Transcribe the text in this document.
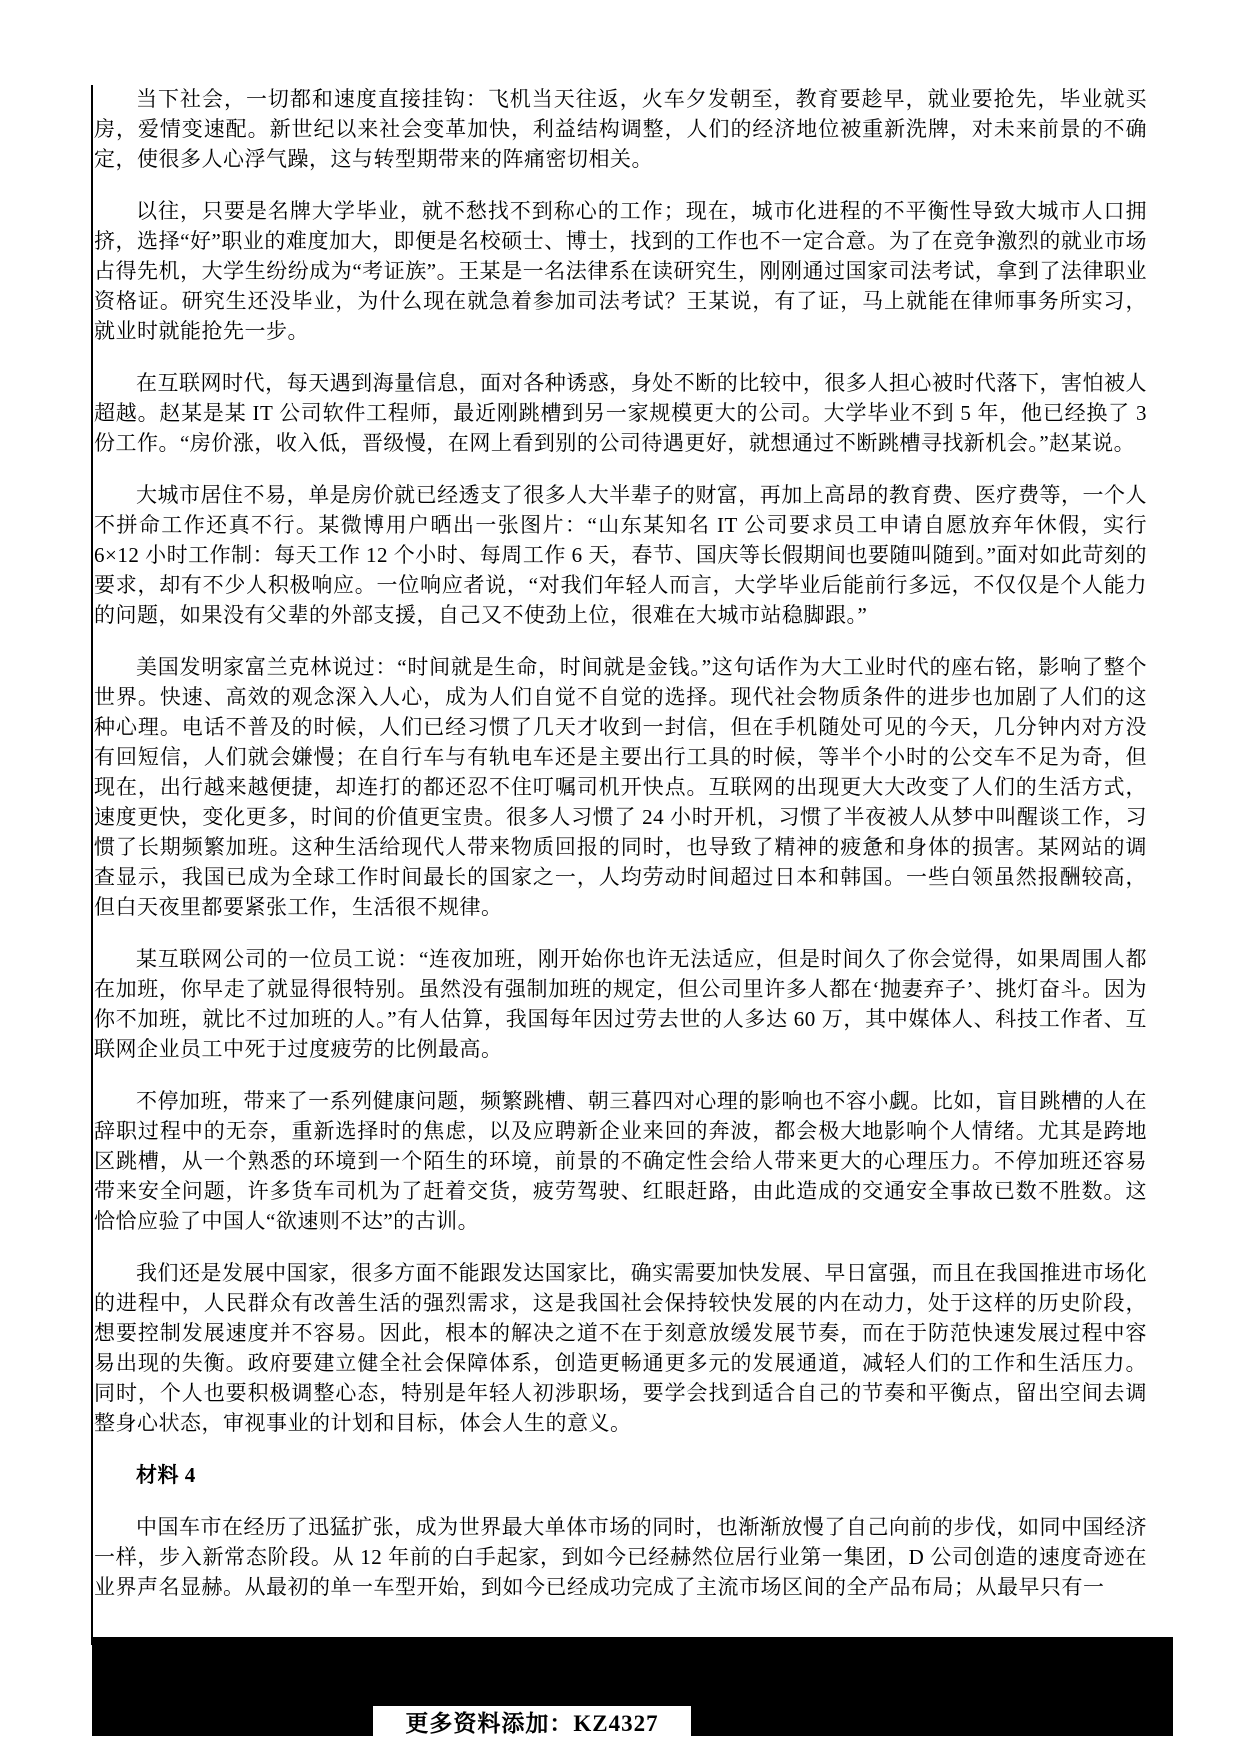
当下社会，一切都和速度直接挂钩：飞机当天往返，火车夕发朝至，教育要趁早，就业要抢先，毕业就买房，爱情变速配。新世纪以来社会变革加快，利益结构调整，人们的经济地位被重新洗牌，对未来前景的不确定，使很多人心浮气躁，这与转型期带来的阵痛密切相关。

以往，只要是名牌大学毕业，就不愁找不到称心的工作；现在，城市化进程的不平衡性导致大城市人口拥挤，选择“好”职业的难度加大，即便是名校硕士、博士，找到的工作也不一定合意。为了在竞争激烈的就业市场占得先机，大学生纷纷成为“考证族”。王某是一名法律系在读研究生，刚刚通过国家司法考试，拿到了法律职业资格证。研究生还没毕业，为什么现在就急着参加司法考试？王某说，有了证，马上就能在律师事务所实习，就业时就能抢先一步。

在互联网时代，每天遇到海量信息，面对各种诱惑，身处不断的比较中，很多人担心被时代落下，害怕被人超越。赵某是某 IT 公司软件工程师，最近刚跳槽到另一家规模更大的公司。大学毕业不到 5 年，他已经换了 3 份工作。“房价涨，收入低，晋级慢，在网上看到别的公司待遇更好，就想通过不断跳槽寻找新机会。”赵某说。

大城市居住不易，单是房价就已经透支了很多人大半辈子的财富，再加上高昂的教育费、医疗费等，一个人不拼命工作还真不行。某微博用户晒出一张图片：“山东某知名 IT 公司要求员工申请自愿放弃年休假，实行 6×12 小时工作制：每天工作 12 个小时、每周工作 6 天，春节、国庆等长假期间也要随叫随到。”面对如此苛刻的要求，却有不少人积极响应。一位响应者说，“对我们年轻人而言，大学毕业后能前行多远，不仅仅是个人能力的问题，如果没有父辈的外部支援，自己又不使劲上位，很难在大城市站稳脚跟。”

美国发明家富兰克林说过：“时间就是生命，时间就是金钱。”这句话作为大工业时代的座右铭，影响了整个世界。快速、高效的观念深入人心，成为人们自觉不自觉的选择。现代社会物质条件的进步也加剧了人们的这种心理。电话不普及的时候，人们已经习惯了几天才收到一封信，但在手机随处可见的今天，几分钟内对方没有回短信，人们就会嫌慢；在自行车与有轨电车还是主要出行工具的时候，等半个小时的公交车不足为奇，但现在，出行越来越便捷，却连打的都还忍不住叮嘱司机开快点。互联网的出现更大大改变了人们的生活方式，速度更快，变化更多，时间的价值更宝贵。很多人习惯了 24 小时开机，习惯了半夜被人从梦中叫醒谈工作，习惯了长期频繁加班。这种生活给现代人带来物质回报的同时，也导致了精神的疲惫和身体的损害。某网站的调查显示，我国已成为全球工作时间最长的国家之一，人均劳动时间超过日本和韩国。一些白领虽然报酬较高，但白天夜里都要紧张工作，生活很不规律。

某互联网公司的一位员工说：“连夜加班，刚开始你也许无法适应，但是时间久了你会觉得，如果周围人都在加班，你早走了就显得很特别。虽然没有强制加班的规定，但公司里许多人都在‘抛妻弃子’、挑灯奋斗。因为你不加班，就比不过加班的人。”有人估算，我国每年因过劳去世的人多达 60 万，其中媒体人、科技工作者、互联网企业员工中死于过度疲劳的比例最高。

不停加班，带来了一系列健康问题，频繁跳槽、朝三暮四对心理的影响也不容小觑。比如，盲目跳槽的人在辞职过程中的无奈，重新选择时的焦虑，以及应聘新企业来回的奔波，都会极大地影响个人情绪。尤其是跨地区跳槽，从一个熟悉的环境到一个陌生的环境，前景的不确定性会给人带来更大的心理压力。不停加班还容易带来安全问题，许多货车司机为了赶着交货，疲劳驾驶、红眼赶路，由此造成的交通安全事故已数不胜数。这恰恰应验了中国人“欲速则不达”的古训。

我们还是发展中国家，很多方面不能跟发达国家比，确实需要加快发展、早日富强，而且在我国推进市场化的进程中，人民群众有改善生活的强烈需求，这是我国社会保持较快发展的内在动力，处于这样的历史阶段，想要控制发展速度并不容易。因此，根本的解决之道不在于刻意放缓发展节奏，而在于防范快速发展过程中容易出现的失衡。政府要建立健全社会保障体系，创造更畅通更多元的发展通道，减轻人们的工作和生活压力。同时，个人也要积极调整心态，特别是年轻人初涉职场，要学会找到适合自己的节奏和平衡点，留出空间去调整身心状态，审视事业的计划和目标，体会人生的意义。

材料 4

中国车市在经历了迅猛扩张，成为世界最大单体市场的同时，也渐渐放慢了自己向前的步伐，如同中国经济一样，步入新常态阶段。从 12 年前的白手起家，到如今已经赫然位居行业第一集团，D 公司创造的速度奇迹在业界声名显赫。从最初的单一车型开始，到如今已经成功完成了主流市场区间的全产品布局；从最早只有一

更多资料添加：KZ4327
